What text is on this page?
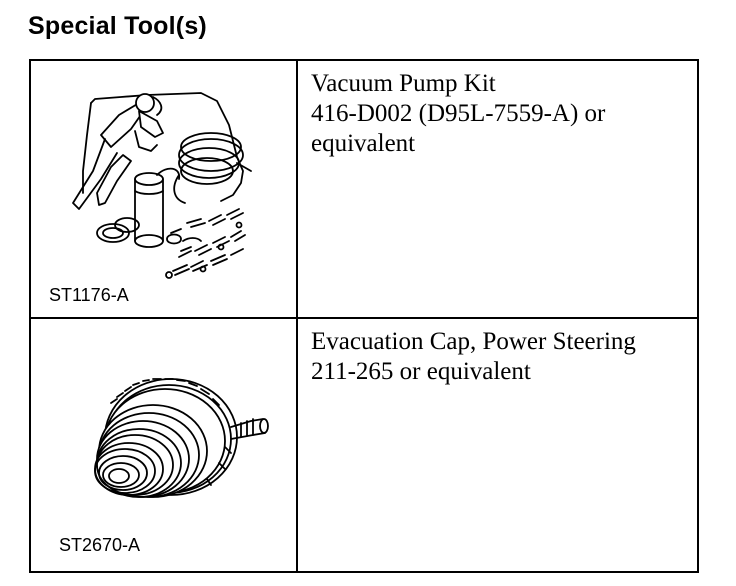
Special Tool(s)
ST1176-A
Vacuum Pump Kit
416-D002 (D95L-7559-A) or
equivalent
ST2670-A
Evacuation Cap, Power Steering
211-265 or equivalent
